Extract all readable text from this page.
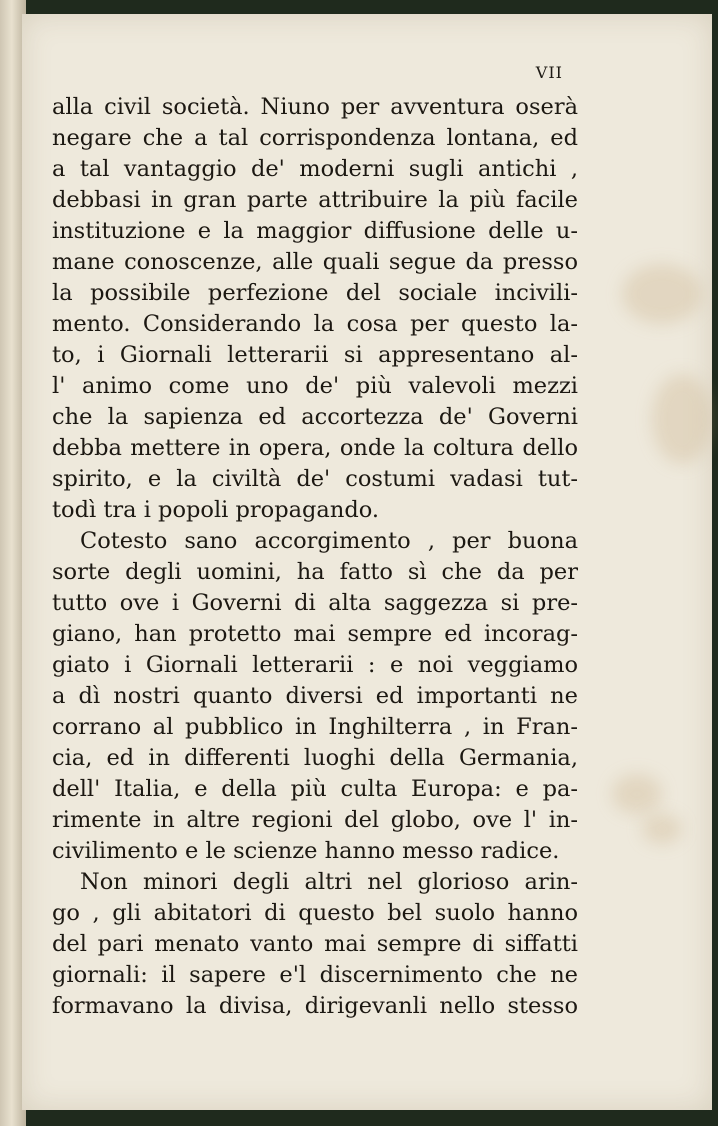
VII
alla civil società. Niuno per avventura oserà
negare che a tal corrispondenza lontana, ed
a tal vantaggio de' moderni sugli antichi ,
debbasi in gran parte attribuire la più facile
instituzione e la maggior diffusione delle u-
mane conoscenze, alle quali segue da presso
la possibile perfezione del sociale incivili-
mento. Considerando la cosa per questo la-
to, i Giornali letterarii si appresentano al-
l' animo come uno de' più valevoli mezzi
che la sapienza ed accortezza de' Governi
debba mettere in opera, onde la coltura dello
spirito, e la civiltà de' costumi vadasi tut-
todì tra i popoli propagando.
Cotesto sano accorgimento , per buona
sorte degli uomini, ha fatto sì che da per
tutto ove i Governi di alta saggezza si pre-
giano, han protetto mai sempre ed incorag-
giato i Giornali letterarii : e noi veggiamo
a dì nostri quanto diversi ed importanti ne
corrano al pubblico in Inghilterra , in Fran-
cia, ed in differenti luoghi della Germania,
dell' Italia, e della più culta Europa: e pa-
rimente in altre regioni del globo, ove l' in-
civilimento e le scienze hanno messo radice.
Non minori degli altri nel glorioso arin-
go , gli abitatori di questo bel suolo hanno
del pari menato vanto mai sempre di siffatti
giornali: il sapere e'l discernimento che ne
formavano la divisa, dirigevanli nello stesso
